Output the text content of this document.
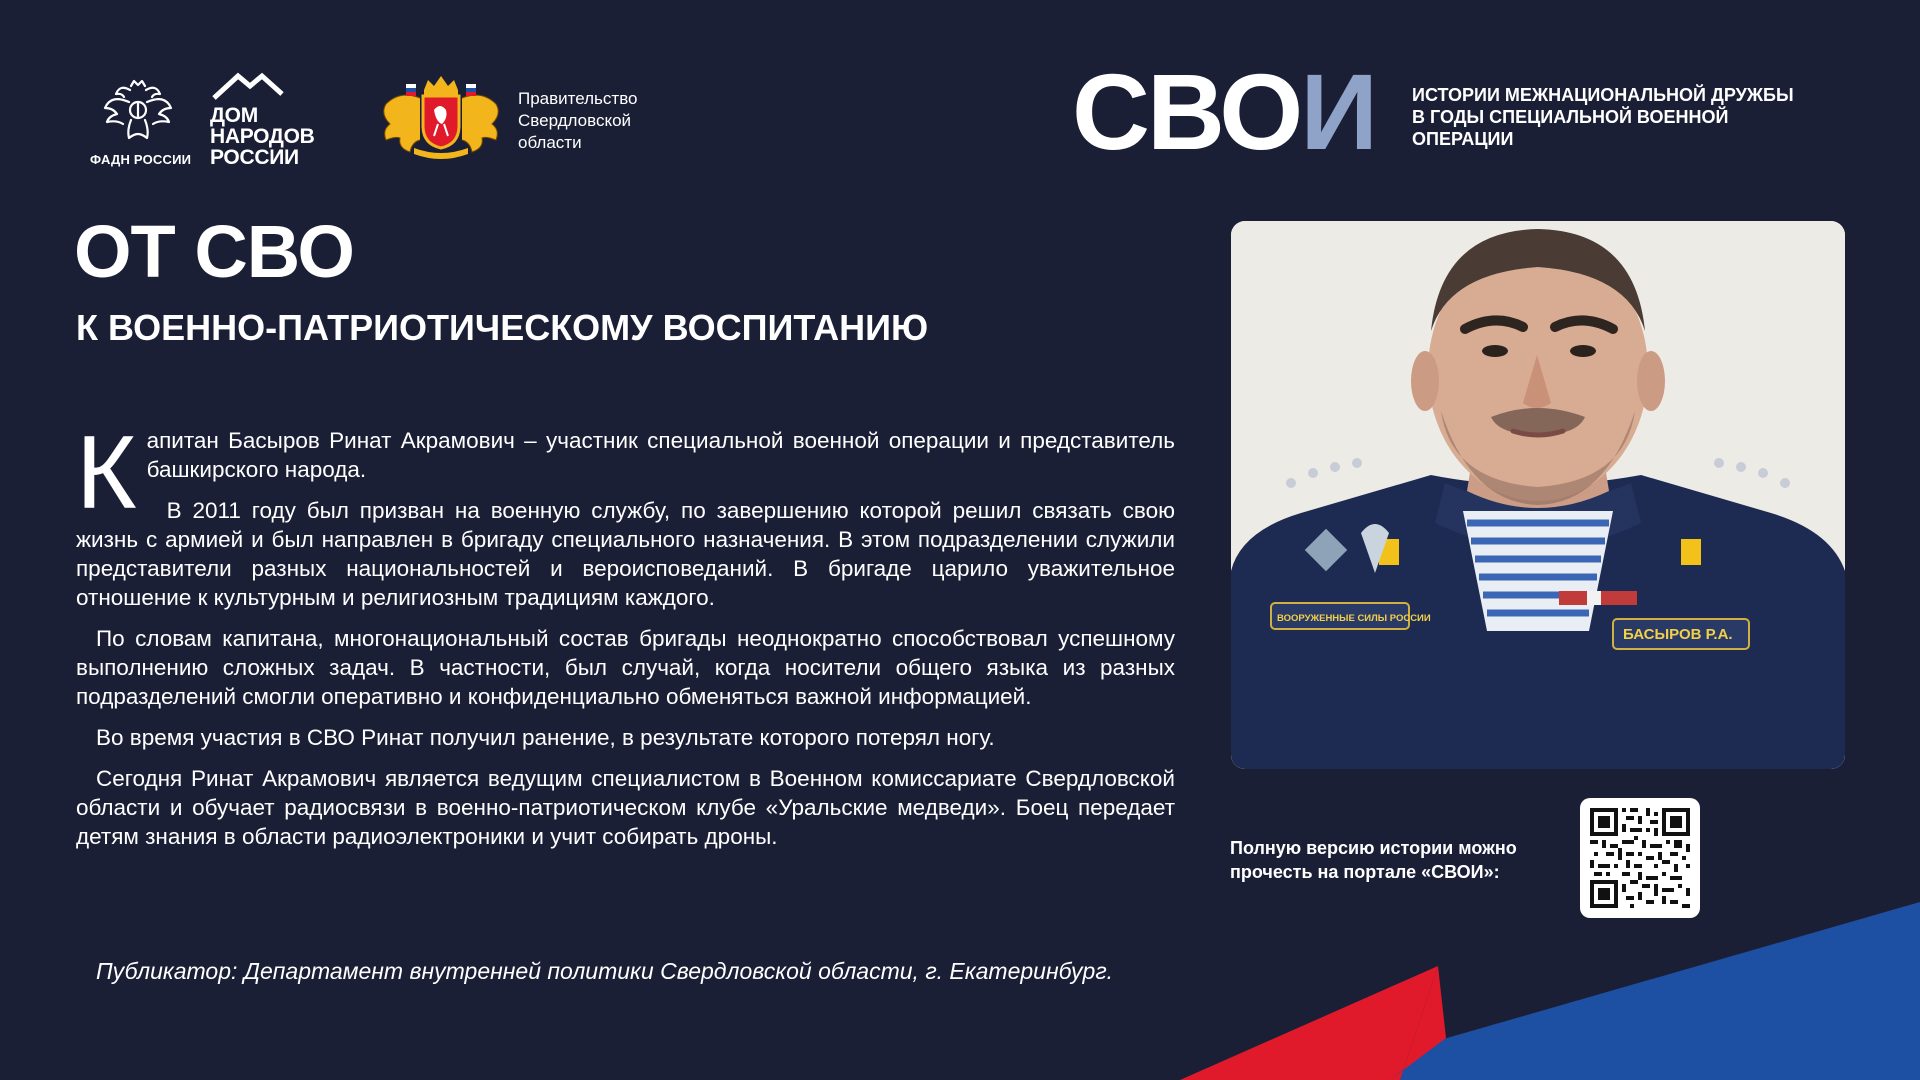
ФАДН РОССИИ
ДОМ
НАРОДОВ
РОССИИ
Правительство
Свердловской
области	СВОИ ИСТОРИИ МЕЖНАЦИОНАЛЬНОЙ ДРУЖБЫ
В ГОДЫ СПЕЦИАЛЬНОЙ ВОЕННОЙ
ОПЕРАЦИИ
ОТ СВО
К ВОЕННО-ПАТРИОТИЧЕСКОМУ ВОСПИТАНИЮ

Капитан Басыров Ринат Акрамович – участник специальной военной операции и представитель башкирского народа.

В 2011 году был призван на военную службу, по завершению которой решил связать свою жизнь с армией и был направлен в бригаду специального назначения. В этом подразделении служили представители разных национальностей и вероисповеданий. В бригаде царило уважительное отношение к культурным и религиозным традициям каждого.

По словам капитана, многонациональный состав бригады неоднократно способствовал успешному выполнению сложных задач. В частности, был случай, когда носители общего языка из разных подразделений смогли оперативно и конфиденциально обменяться важной информацией.

Во время участия в СВО Ринат получил ранение, в результате которого потерял ногу.

Сегодня Ринат Акрамович является ведущим специалистом в Военном комиссариате Свердловской области и обучает радиосвязи в военно-патриотическом клубе «Уральские медведи». Боец передает детям знания в области радиоэлектроники и учит собирать дроны.

Публикатор: Департамент внутренней политики Свердловской области, г. Екатеринбург.
ВООРУЖЕННЫЕ СИЛЫ РОССИИ
БАСЫРОВ Р.А.
Полную версию истории можно
прочесть на портале «СВОИ»:
